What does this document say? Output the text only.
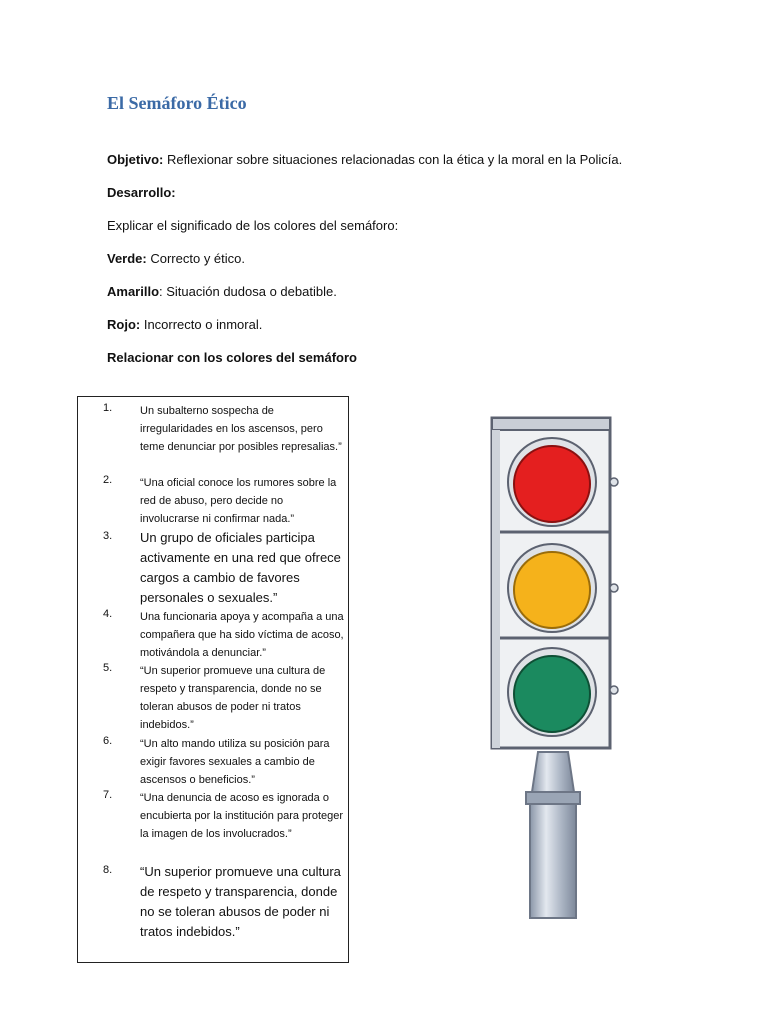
El Semáforo Ético
Objetivo: Reflexionar sobre situaciones relacionadas con la ética y la moral en la Policía.
Desarrollo:
Explicar el significado de los colores del semáforo:
Verde: Correcto y ético.
Amarillo: Situación dudosa o debatible.
Rojo: Incorrecto o inmoral.
Relacionar con los colores del semáforo
1.	Un subalterno sospecha de irregularidades en los ascensos, pero teme denunciar por posibles represalias.”
2.	“Una oficial conoce los rumores sobre la red de abuso, pero decide no involucrarse ni confirmar nada.”
3. Un grupo de oficiales participa activamente en una red que ofrece cargos a cambio de favores personales o sexuales.”
4.	Una funcionaria apoya y acompaña a una compañera que ha sido víctima de acoso, motivándola a denunciar.”
5.	“Un superior promueve una cultura de respeto y transparencia, donde no se toleran abusos de poder ni tratos indebidos.”
6.	“Un alto mando utiliza su posición para exigir favores sexuales a cambio de ascensos o beneficios.”
7.	“Una denuncia de acoso es ignorada o encubierta por la institución para proteger la imagen de los involucrados.”
8. “Un superior promueve una cultura de respeto y transparencia, donde no se toleran abusos de poder ni tratos indebidos.”
